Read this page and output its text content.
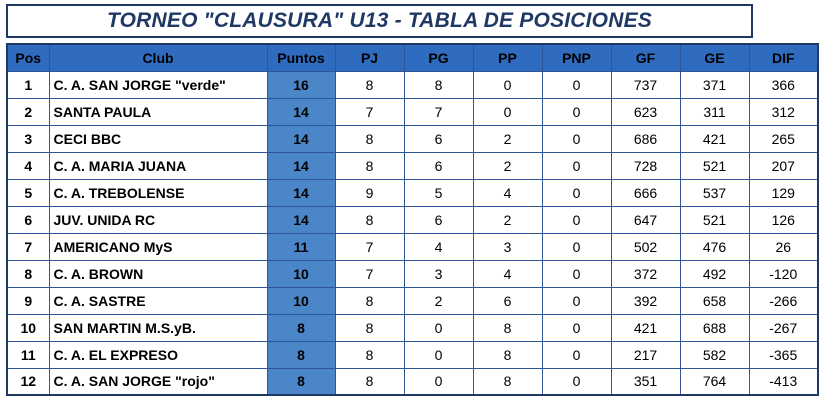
TORNEO "CLAUSURA" U13 - TABLA DE POSICIONES
Pos	Club	Puntos	PJ	PG	PP	PNP	GF	GE	DIF
1	C. A. SAN JORGE "verde"	16	8	8	0	0	737	371	366
2	SANTA PAULA	14	7	7	0	0	623	311	312
3	CECI BBC	14	8	6	2	0	686	421	265
4	C. A. MARIA JUANA	14	8	6	2	0	728	521	207
5	C. A. TREBOLENSE	14	9	5	4	0	666	537	129
6	JUV. UNIDA RC	14	8	6	2	0	647	521	126
7	AMERICANO MyS	11	7	4	3	0	502	476	26
8	C. A. BROWN	10	7	3	4	0	372	492	-120
9	C. A. SASTRE	10	8	2	6	0	392	658	-266
10	SAN MARTIN M.S.yB.	8	8	0	8	0	421	688	-267
11	C. A. EL EXPRESO	8	8	0	8	0	217	582	-365
12	C. A. SAN JORGE "rojo"	8	8	0	8	0	351	764	-413
